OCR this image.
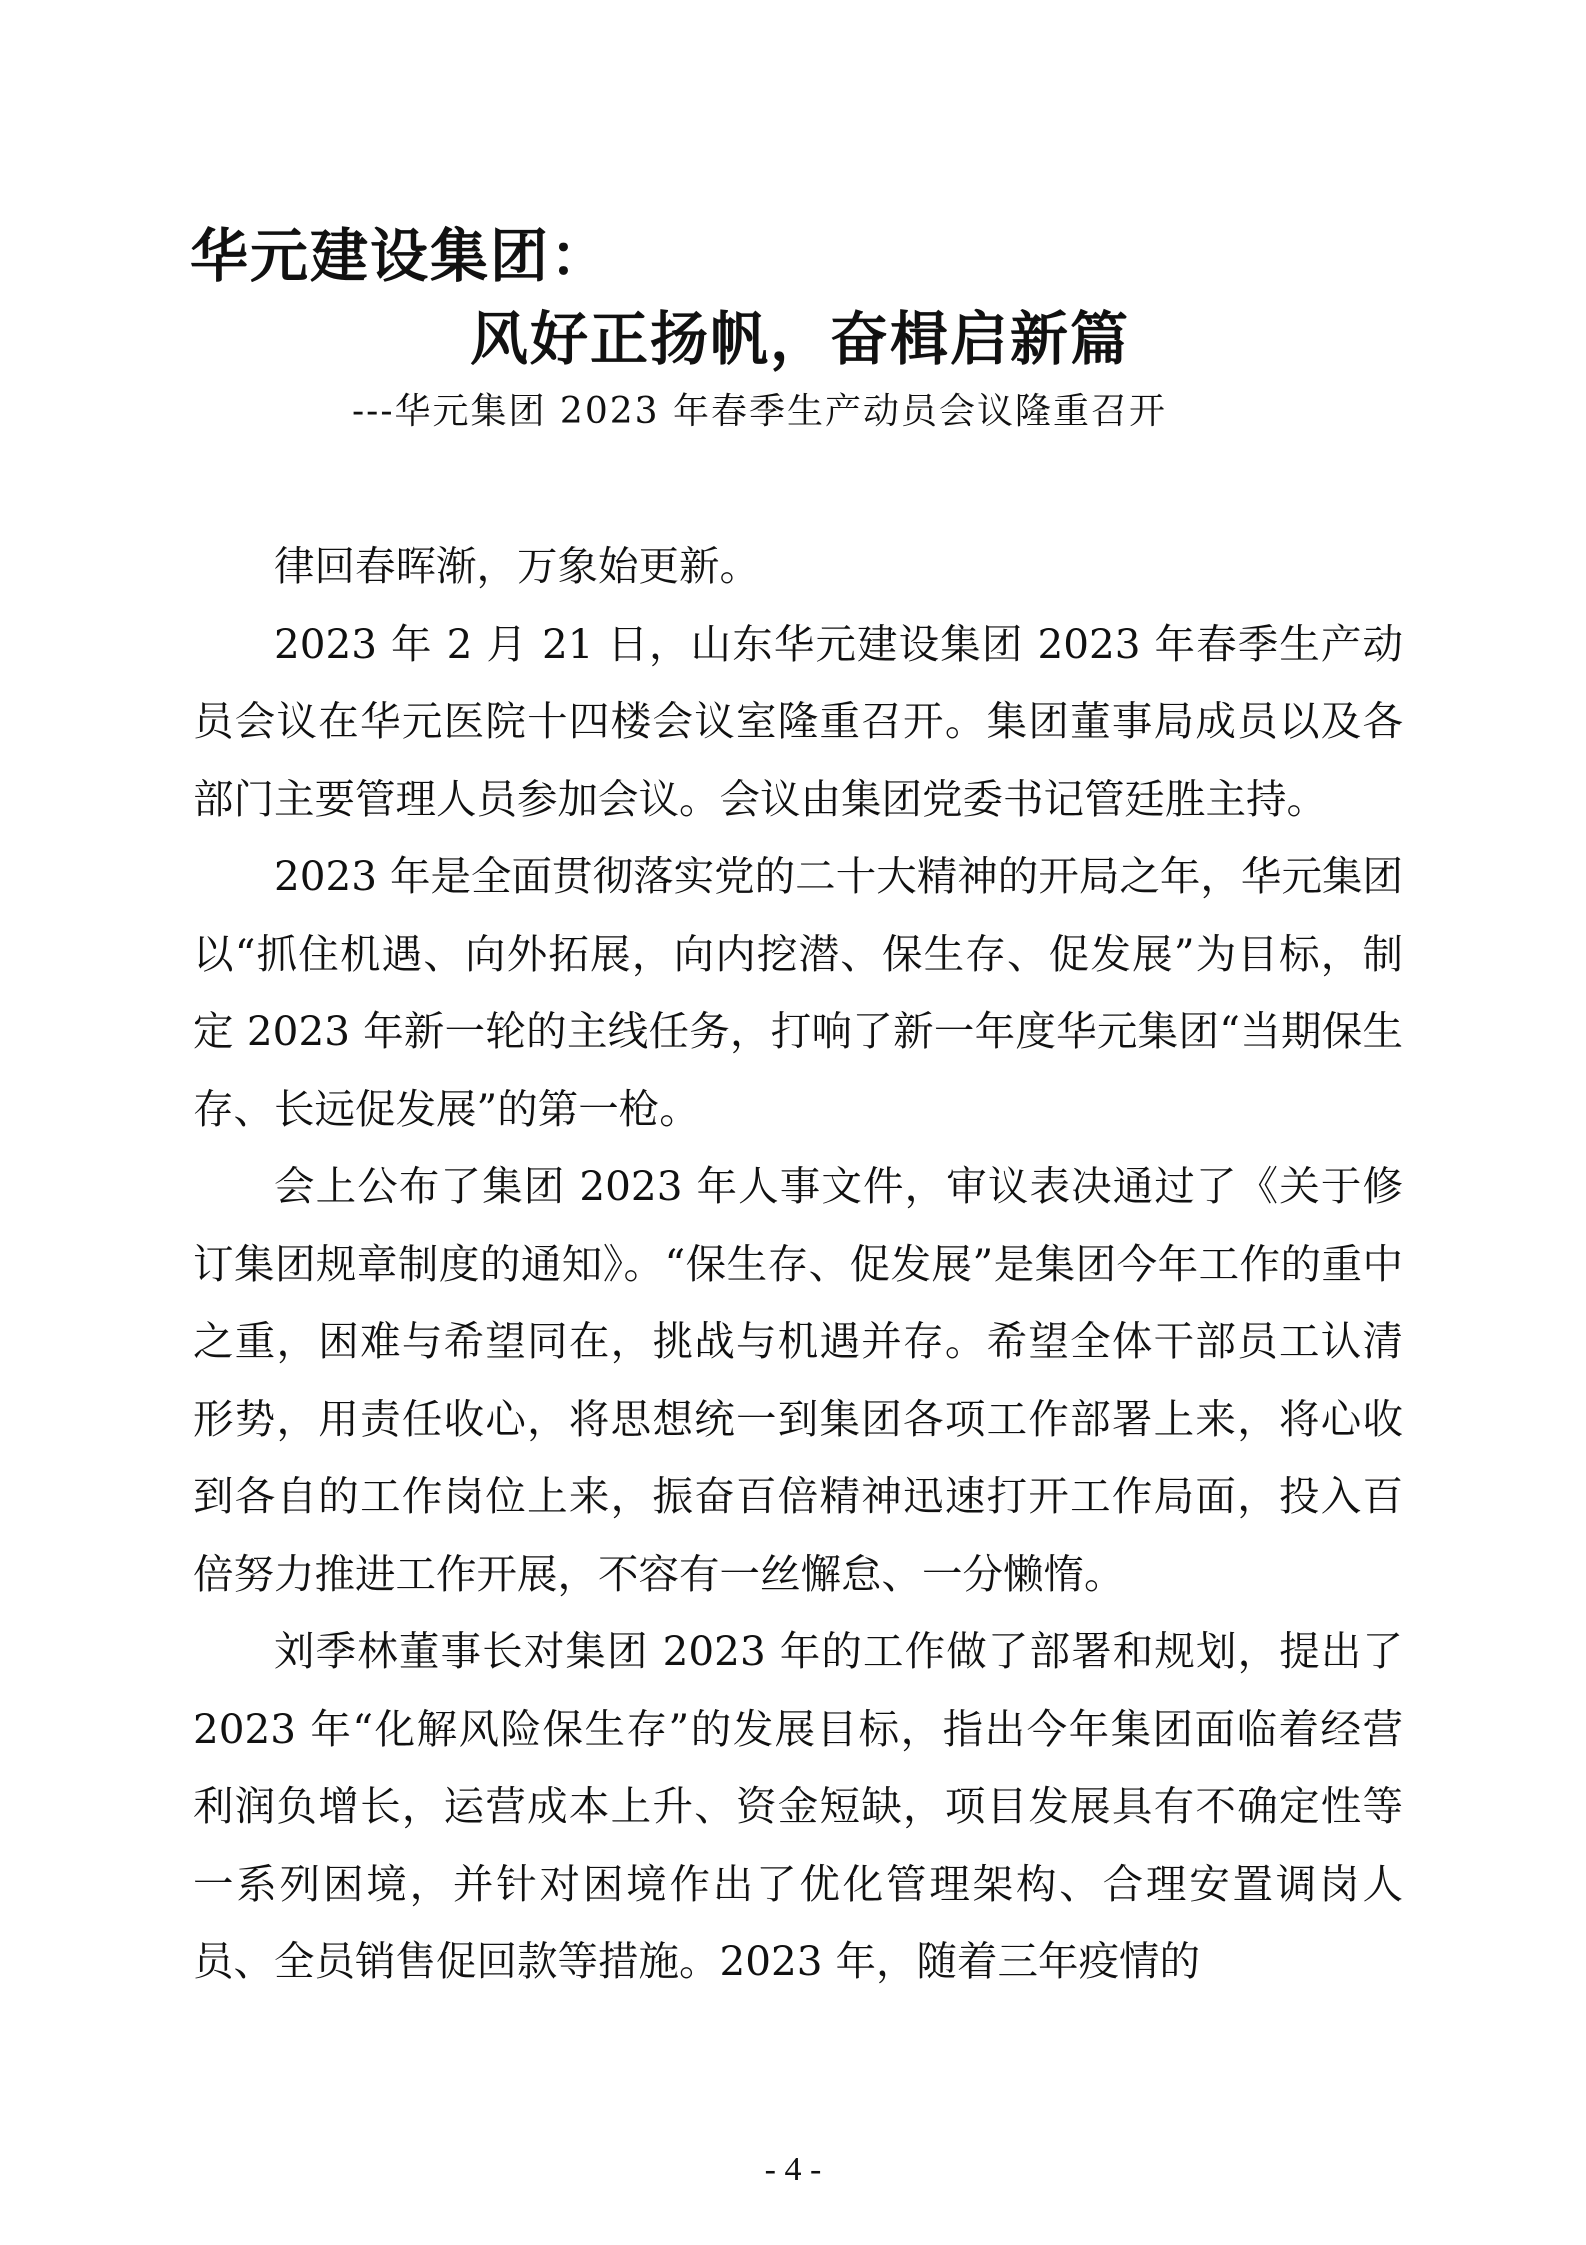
华元建设集团：
风好正扬帆，奋楫启新篇
---华元集团 2023 年春季生产动员会议隆重召开

律回春晖渐，万象始更新。

2023 年 2 月 21 日，山东华元建设集团 2023 年春季生产动员会议在华元医院十四楼会议室隆重召开。集团董事局成员以及各部门主要管理人员参加会议。会议由集团党委书记管廷胜主持。

2023 年是全面贯彻落实党的二十大精神的开局之年，华元集团以“抓住机遇、向外拓展，向内挖潜、保生存、促发展”为目标，制定 2023 年新一轮的主线任务，打响了新一年度华元集团“当期保生存、长远促发展”的第一枪。

会上公布了集团 2023 年人事文件，审议表决通过了《关于修订集团规章制度的通知》。“保生存、促发展”是集团今年工作的重中之重，困难与希望同在，挑战与机遇并存。希望全体干部员工认清形势，用责任收心，将思想统一到集团各项工作部署上来，将心收到各自的工作岗位上来，振奋百倍精神迅速打开工作局面，投入百倍努力推进工作开展，不容有一丝懈怠、一分懒惰。

刘季林董事长对集团 2023 年的工作做了部署和规划，提出了 2023 年“化解风险保生存”的发展目标，指出今年集团面临着经营利润负增长，运营成本上升、资金短缺，项目发展具有不确定性等一系列困境，并针对困境作出了优化管理架构、合理安置调岗人员、全员销售促回款等措施。2023 年，随着三年疫情的

- 4 -
